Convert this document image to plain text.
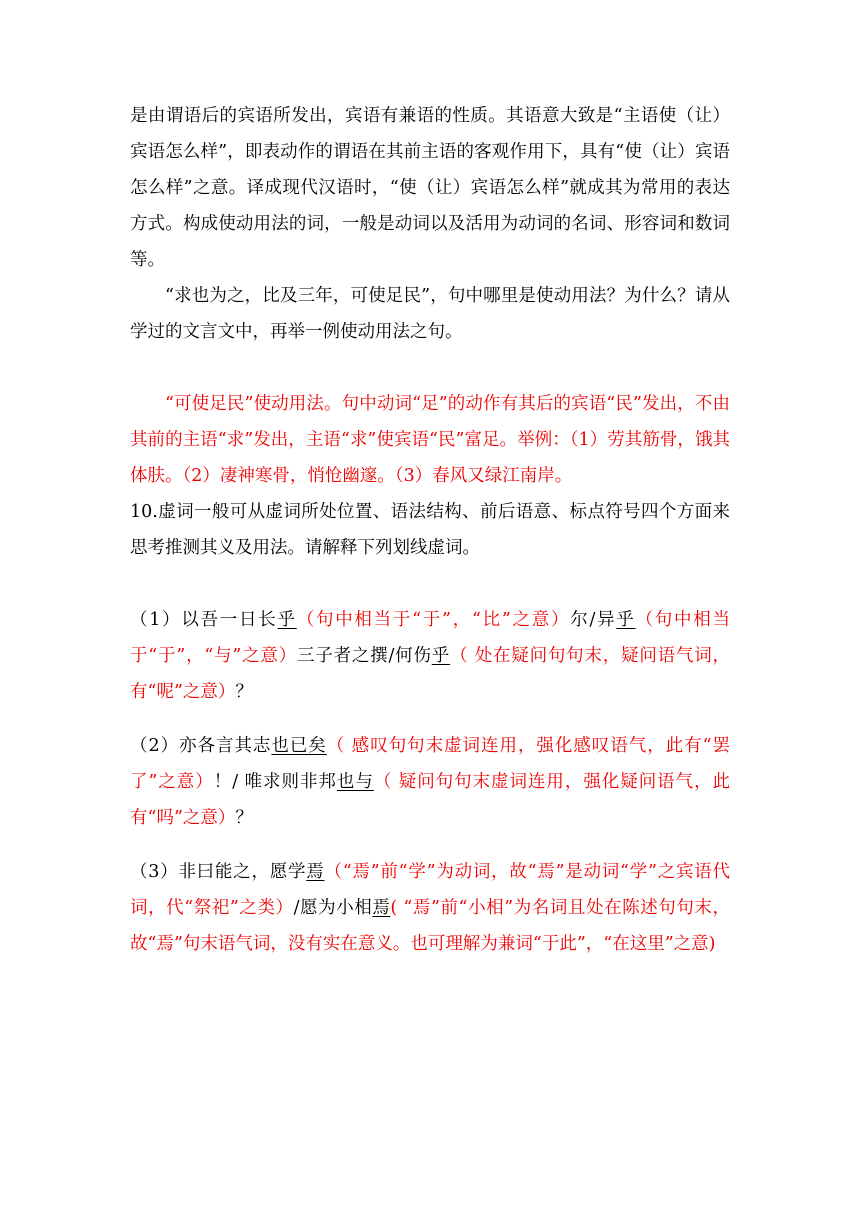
是由谓语后的宾语所发出，宾语有兼语的性质。其语意大致是“主语使（让）宾语怎么样”，即表动作的谓语在其前主语的客观作用下，具有“使（让）宾语怎么样”之意。译成现代汉语时，“使（让）宾语怎么样”就成其为常用的表达方式。构成使动用法的词，一般是动词以及活用为动词的名词、形容词和数词等。

“求也为之，比及三年，可使足民”，句中哪里是使动用法？为什么？请从学过的文言文中，再举一例使动用法之句。

“可使足民”使动用法。句中动词“足”的动作有其后的宾语“民”发出，不由其前的主语“求”发出，主语“求”使宾语“民”富足。举例：（1）劳其筋骨，饿其体肤。（2）凄神寒骨，悄怆幽邃。（3）春风又绿江南岸。

10.虚词一般可从虚词所处位置、语法结构、前后语意、标点符号四个方面来思考推测其义及用法。请解释下列划线虚词。

（1）以吾一日长乎（句中相当于“于”，“比”之意）尔/异乎（句中相当于“于”，“与”之意）三子者之撰/何伤乎（ 处在疑问句句末，疑问语气词，有“呢”之意）？

（2）亦各言其志也已矣（ 感叹句句末虚词连用，强化感叹语气，此有“罢了”之意）！/ 唯求则非邦也与（ 疑问句句末虚词连用，强化疑问语气，此有“吗”之意）？

（3）非曰能之，愿学焉（“焉”前“学”为动词，故“焉”是动词“学”之宾语代词，代“祭祀”之类）/愿为小相焉( “焉”前“小相”为名词且处在陈述句句末，故“焉”句末语气词，没有实在意义。也可理解为兼词“于此”，“在这里”之意)
